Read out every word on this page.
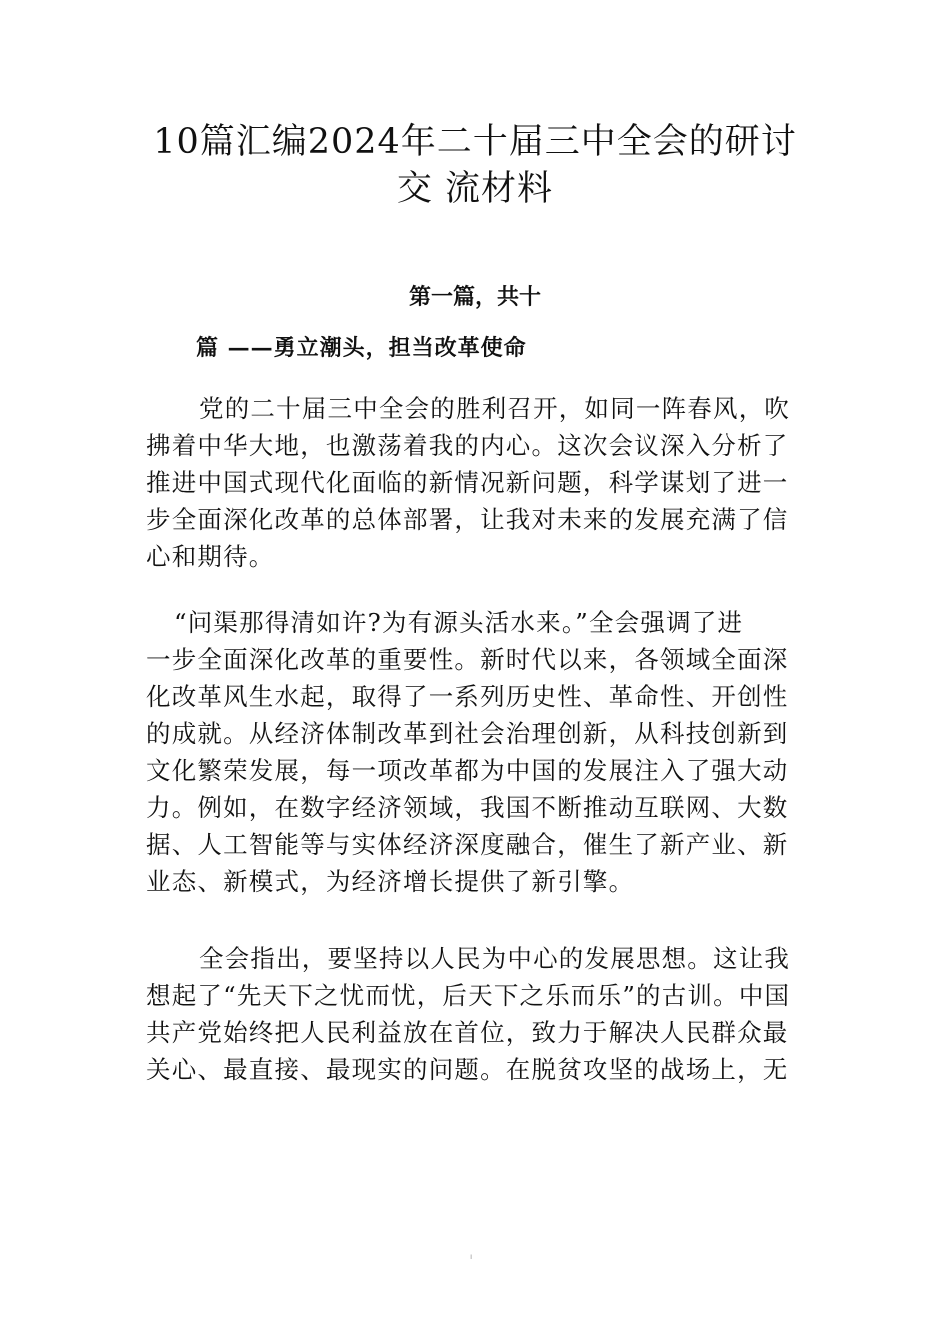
10篇汇编2024年二十届三中全会的研讨
交 流材料
第一篇，共十
篇 ——勇立潮头，担当改革使命
党的二十届三中全会的胜利召开，如同一阵春风，吹
拂着中华大地，也激荡着我的内心。这次会议深入分析了
推进中国式现代化面临的新情况新问题，科学谋划了进一
步全面深化改革的总体部署，让我对未来的发展充满了信
心和期待。
“问渠那得清如许?为有源头活水来。”全会强调了进
一步全面深化改革的重要性。新时代以来，各领域全面深
化改革风生水起，取得了一系列历史性、革命性、开创性
的成就。从经济体制改革到社会治理创新，从科技创新到
文化繁荣发展，每一项改革都为中国的发展注入了强大动
力。例如，在数字经济领域，我国不断推动互联网、大数
据、人工智能等与实体经济深度融合，催生了新产业、新
业态、新模式，为经济增长提供了新引擎。
全会指出，要坚持以人民为中心的发展思想。这让我
想起了“先天下之忧而忧，后天下之乐而乐”的古训。中国
共产党始终把人民利益放在首位，致力于解决人民群众最
关心、最直接、最现实的问题。在脱贫攻坚的战场上，无
ı
